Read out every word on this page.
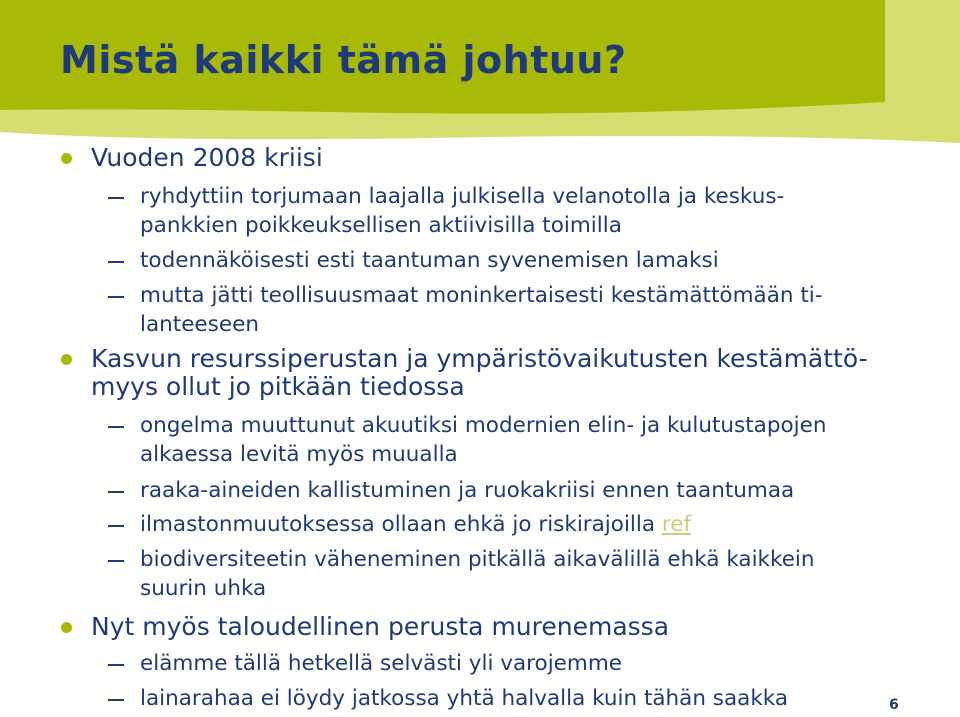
Mistä kaikki tämä johtuu?

Vuoden 2008 kriisi

ryhdyttiin torjumaan laajalla julkisella velanotolla ja keskus-

pankkien poikkeuksellisen aktiivisilla toimilla

todennäköisesti esti taantuman syvenemisen lamaksi

mutta jätti teollisuusmaat moninkertaisesti kestämättömään ti-

lanteeseen

Kasvun resurssiperustan ja ympäristövaikutusten kestämättö-

myys ollut jo pitkään tiedossa

ongelma muuttunut akuutiksi modernien elin- ja kulutustapojen

alkaessa levitä myös muualla

raaka-aineiden kallistuminen ja ruokakriisi ennen taantumaa

ilmastonmuutoksessa ollaan ehkä jo riskirajoilla ref

biodiversiteetin väheneminen pitkällä aikavälillä ehkä kaikkein

suurin uhka

Nyt myös taloudellinen perusta murenemassa

elämme tällä hetkellä selvästi yli varojemme

lainarahaa ei löydy jatkossa yhtä halvalla kuin tähän saakka	6
